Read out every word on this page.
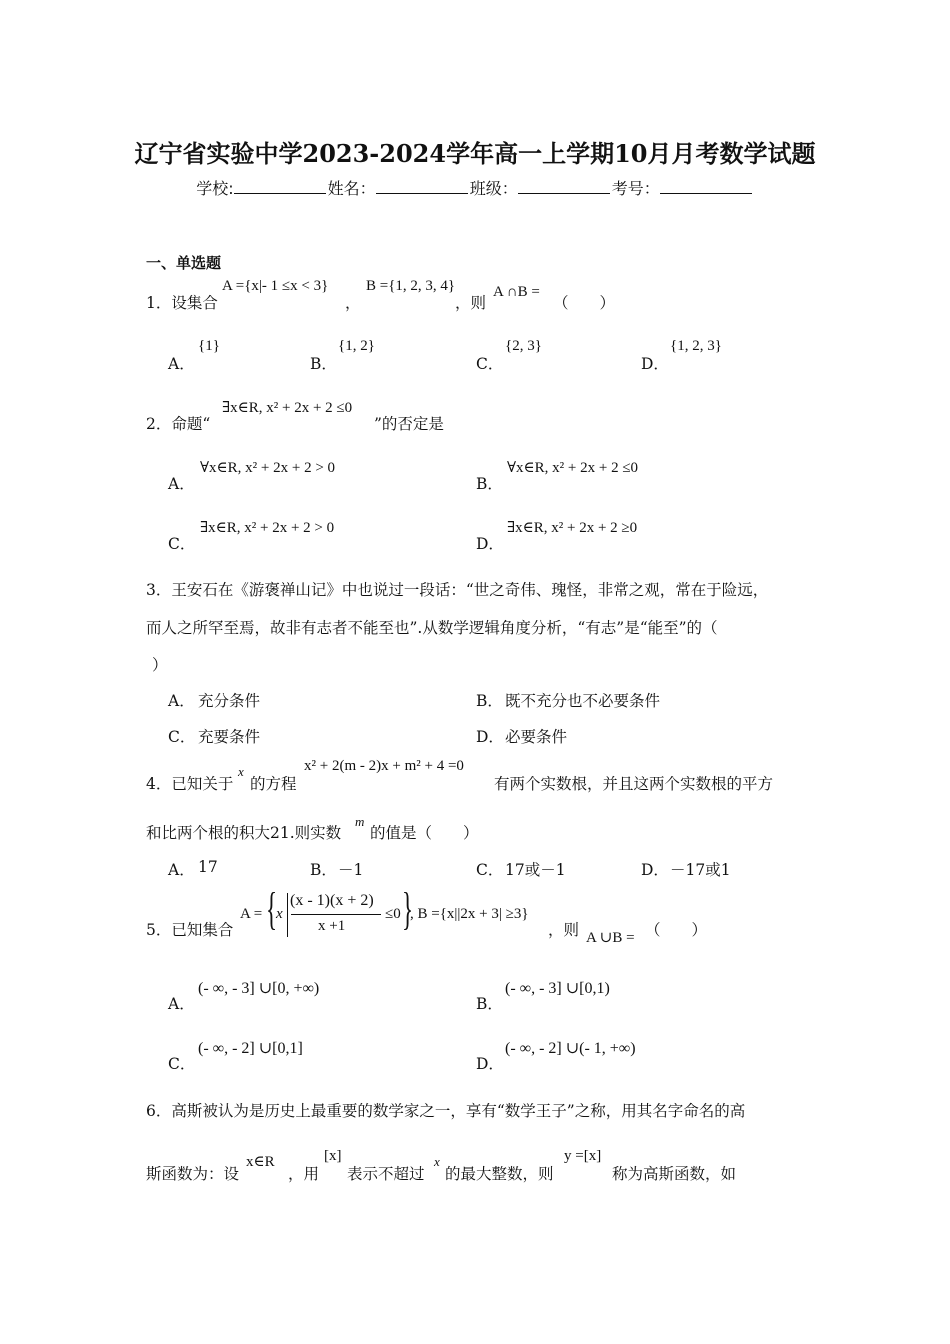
辽宁省实验中学2023-2024学年高一上学期10月月考数学试题
学校:	姓名：	班级：	考号：
一、单选题
1．设集合
A ={x|- 1 ≤x < 3}
，
B ={1, 2, 3, 4}
，则
A ∩B =
（　　）
A．
{1}
B．
{1, 2}
C．
{2, 3}
D．
{1, 2, 3}
2．命题“
∃x∈R, x² + 2x + 2 ≤0
”的否定是
A．
∀x∈R, x² + 2x + 2 > 0
B．
∀x∈R, x² + 2x + 2 ≤0
C．
∃x∈R, x² + 2x + 2 > 0
D．
∃x∈R, x² + 2x + 2 ≥0
3．王安石在《游褒禅山记》中也说过一段话：“世之奇伟、瑰怪，非常之观，常在于险远，
而人之所罕至焉，故非有志者不能至也”.从数学逻辑角度分析，“有志”是“能至”的（
）
A． 充分条件	B． 既不充分也不必要条件
C． 充要条件	D． 必要条件
4．已知关于
x
的方程
x² + 2(m - 2)x + m² + 4 =0
有两个实数根，并且这两个实数根的平方
和比两个根的积大21.则实数
m
的值是（　　）
A． 17	B． －1	C． 17或－1	D． －17或1
5．已知集合
A = {
x
(x - 1)(x + 2)
x +1
≤0 }
, B ={x||2x + 3| ≥3}
，则 A ∪B = （　　）
A．
(- ∞, - 3] ∪[0, +∞)
B．
(- ∞, - 3] ∪[0,1)
C．
(- ∞, - 2] ∪[0,1]
D．
(- ∞, - 2] ∪(- 1, +∞)
6．高斯被认为是历史上最重要的数学家之一，享有“数学王子”之称，用其名字命名的高
斯函数为：设
x∈R
，用
[x]
表示不超过
x
的最大整数，则
y =[x]
称为高斯函数，如
